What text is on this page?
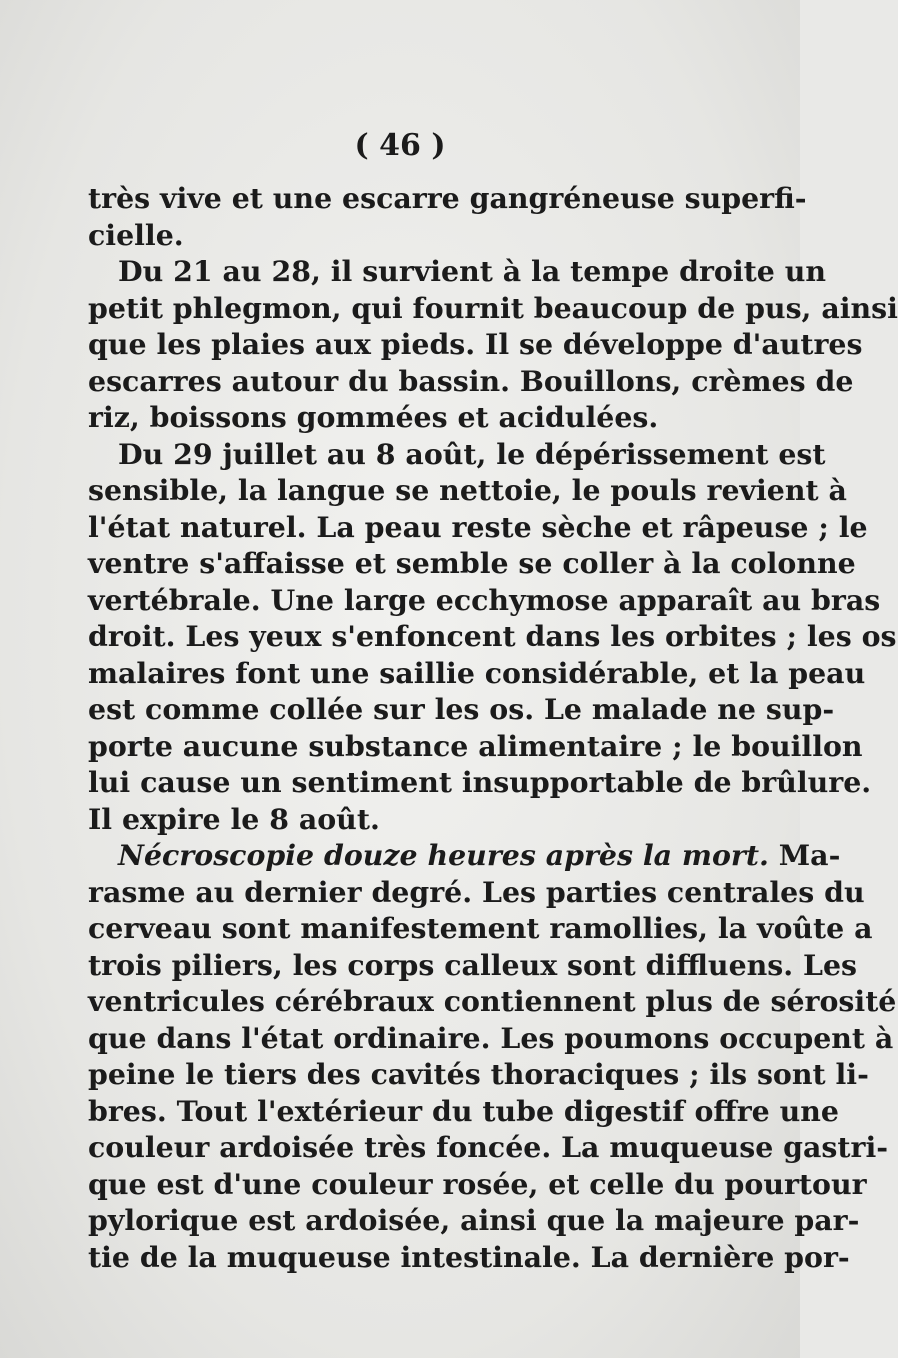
( 46 )
très vive et une escarre gangréneuse superfi-
cielle.
Du 21 au 28, il survient à la tempe droite un
petit phlegmon, qui fournit beaucoup de pus, ainsi
que les plaies aux pieds. Il se développe d'autres
escarres autour du bassin. Bouillons, crèmes de
riz, boissons gommées et acidulées.
Du 29 juillet au 8 août, le dépérissement est
sensible, la langue se nettoie, le pouls revient à
l'état naturel. La peau reste sèche et râpeuse ; le
ventre s'affaisse et semble se coller à la colonne
vertébrale. Une large ecchymose apparaît au bras
droit. Les yeux s'enfoncent dans les orbites ; les os
malaires font une saillie considérable, et la peau
est comme collée sur les os. Le malade ne sup-
porte aucune substance alimentaire ; le bouillon
lui cause un sentiment insupportable de brûlure.
Il expire le 8 août.
Nécroscopie douze heures après la mort. Ma-
rasme au dernier degré. Les parties centrales du
cerveau sont manifestement ramollies, la voûte a
trois piliers, les corps calleux sont diffluens. Les
ventricules cérébraux contiennent plus de sérosité
que dans l'état ordinaire. Les poumons occupent à
peine le tiers des cavités thoraciques ; ils sont li-
bres. Tout l'extérieur du tube digestif offre une
couleur ardoisée très foncée. La muqueuse gastri-
que est d'une couleur rosée, et celle du pourtour
pylorique est ardoisée, ainsi que la majeure par-
tie de la muqueuse intestinale. La dernière por-
